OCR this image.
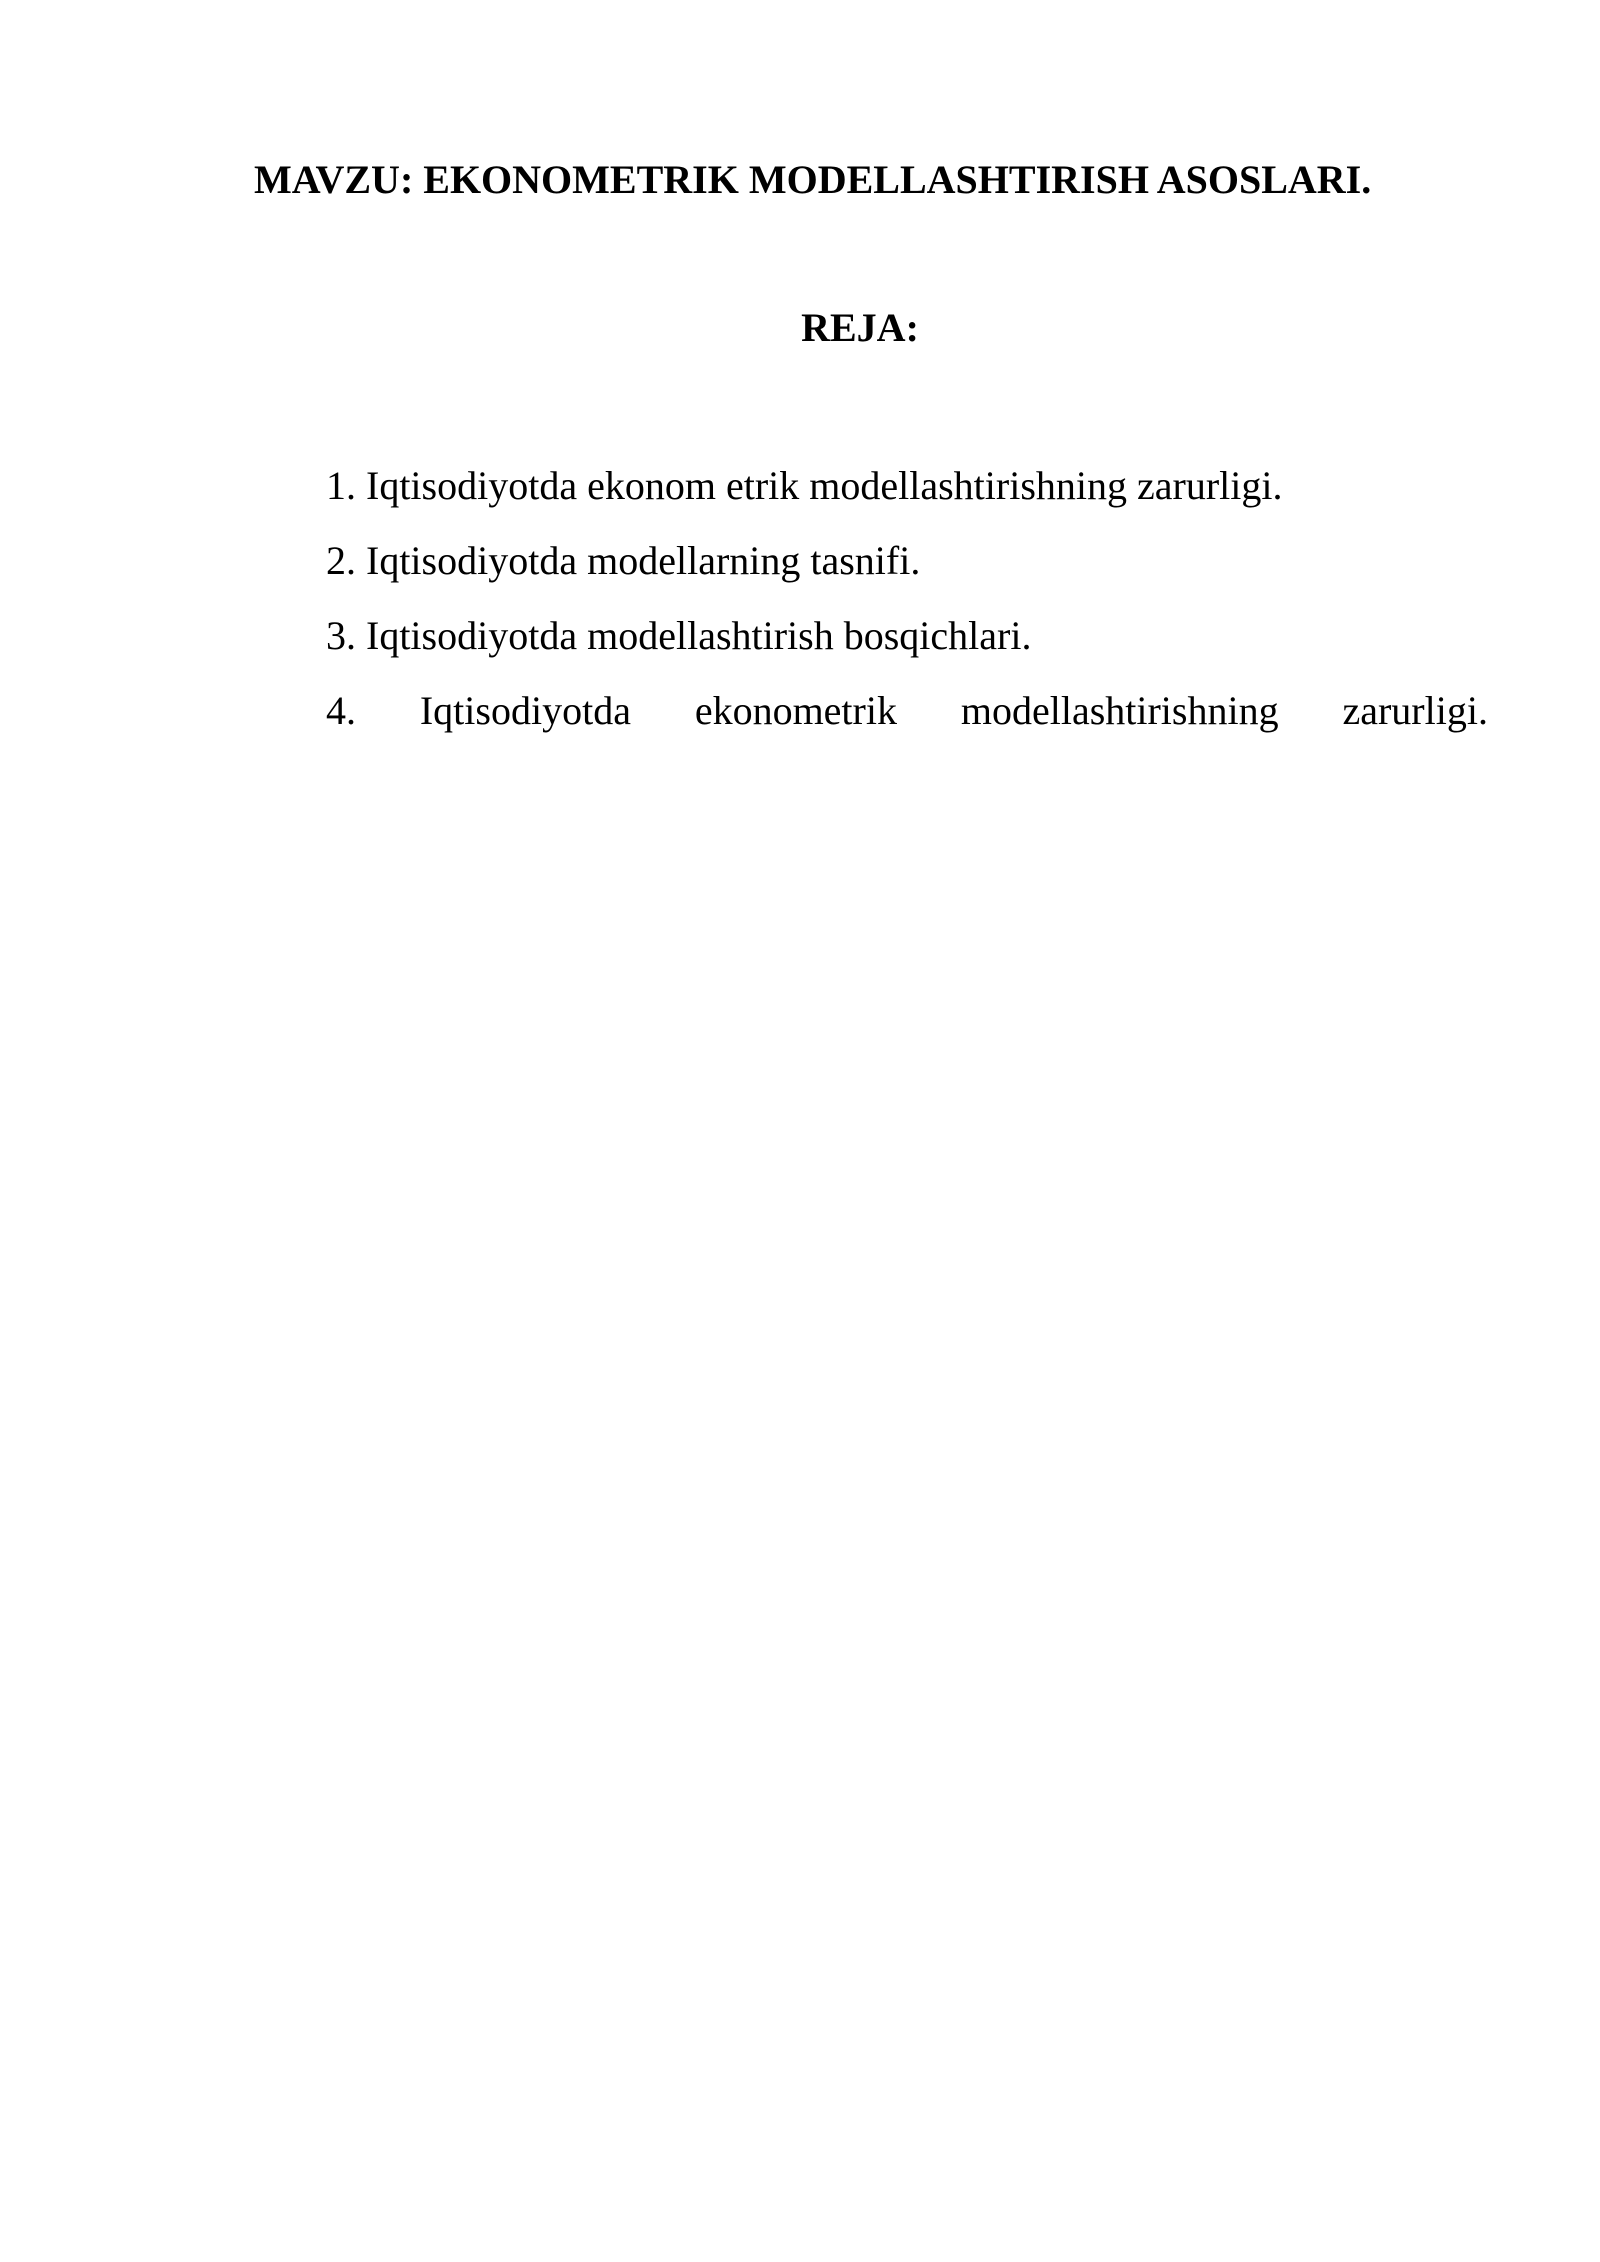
MAVZU: EKONOMETRIK MODELLASHTIRISH ASOSLARI.
REJA:
1. Iqtisodiyotda ekonom etrik modellashtirishning zarurligi.
2. Iqtisodiyotda modellarning tasnifi.
3. Iqtisodiyotda modellashtirish bosqichlari.
4. Iqtisodiyotda ekonometrik modellashtirishning zarurligi.
